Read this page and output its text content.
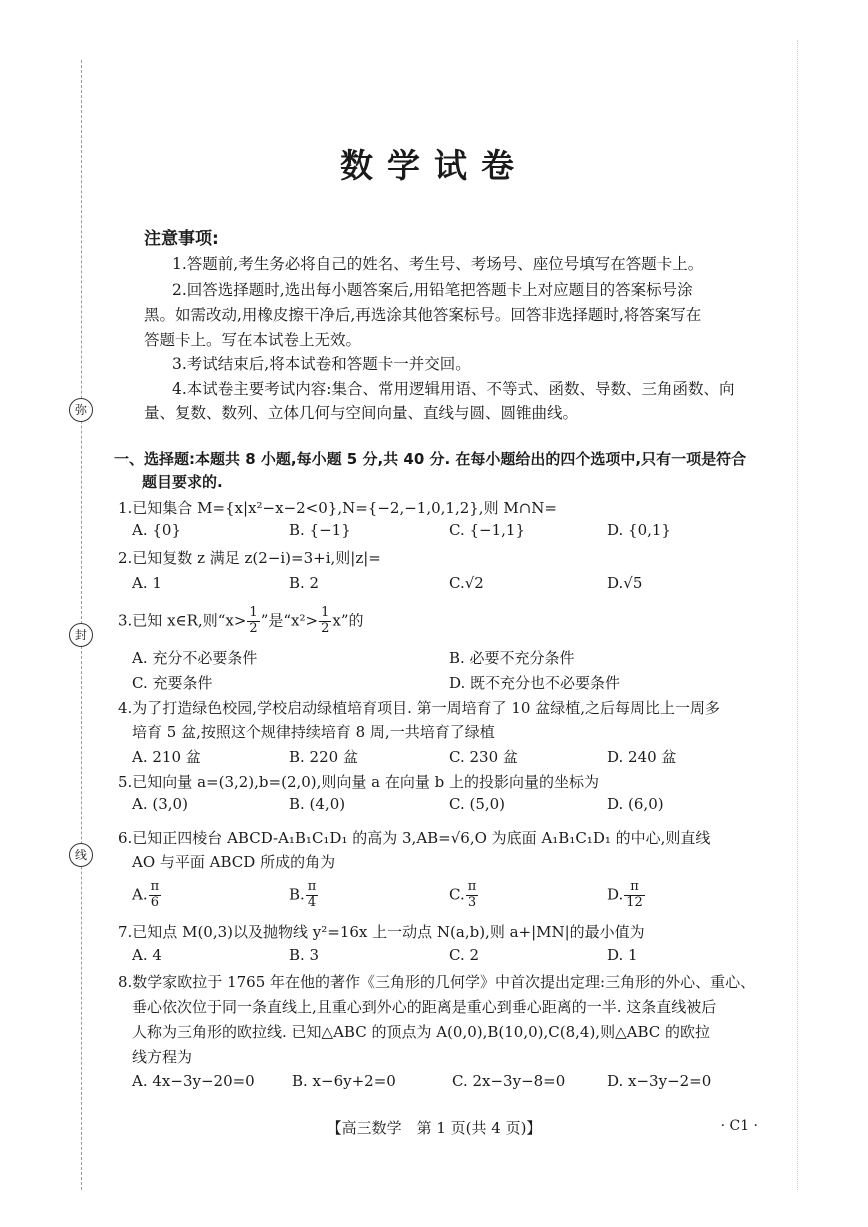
弥
封
线
数学试卷
注意事项:
1.答题前,考生务必将自己的姓名、考生号、考场号、座位号填写在答题卡上。
2.回答选择题时,选出每小题答案后,用铅笔把答题卡上对应题目的答案标号涂
黑。如需改动,用橡皮擦干净后,再选涂其他答案标号。回答非选择题时,将答案写在
答题卡上。写在本试卷上无效。
3.考试结束后,将本试卷和答题卡一并交回。
4.本试卷主要考试内容:集合、常用逻辑用语、不等式、函数、导数、三角函数、向
量、复数、数列、立体几何与空间向量、直线与圆、圆锥曲线。
一、选择题:本题共 8 小题,每小题 5 分,共 40 分. 在每小题给出的四个选项中,只有一项是符合
题目要求的.
1.已知集合 M={x|x²−x−2<0},N={−2,−1,0,1,2},则 M∩N=
A. {0}	B. {−1}	C. {−1,1}	D. {0,1}
2.已知复数 z 满足 z(2−i)=3+i,则|z|=
A. 1	B. 2	C.√2	D.√5
3.已知 x∈R,则“$x> \frac{1}{2}$ ”是“$x^2> \frac{1}{2} x$”的
A. 充分不必要条件	B. 必要不充分条件
C. 充要条件	D. 既不充分也不必要条件
4.为了打造绿色校园,学校启动绿植培育项目. 第一周培育了 10 盆绿植,之后每周比上一周多
培育 5 盆,按照这个规律持续培育 8 周,一共培育了绿植
A. 210 盆	B. 220 盆	C. 230 盆	D. 240 盆
5.已知向量 a=(3,2),b=(2,0),则向量 a 在向量 b 上的投影向量的坐标为
A. (3,0)	B. (4,0)	C. (5,0)	D. (6,0)
6.已知正四棱台 ABCD-A₁B₁C₁D₁ 的高为 3,AB=√6,O 为底面 A₁B₁C₁D₁ 的中心,则直线
AO 与平面 ABCD 所成的角为
A. $\frac{\pi}{6}$	B. $\frac{\pi}{4}$	C. $\frac{\pi}{3}$	D. $\frac{\pi}{12}$
7.已知点 M(0,3)以及抛物线 y²=16x 上一动点 N(a,b),则 a+|MN|的最小值为
A. 4	B. 3	C. 2	D. 1
8.数学家欧拉于 1765 年在他的著作《三角形的几何学》中首次提出定理:三角形的外心、重心、
垂心依次位于同一条直线上,且重心到外心的距离是重心到垂心距离的一半. 这条直线被后
人称为三角形的欧拉线. 已知△ABC 的顶点为 A(0,0),B(10,0),C(8,4),则△ABC 的欧拉
线方程为
A. 4x−3y−20=0 B. x−6y+2=0	C. 2x−3y−8=0	D. x−3y−2=0
【高三数学　第 1 页(共 4 页)】	· C1 ·
